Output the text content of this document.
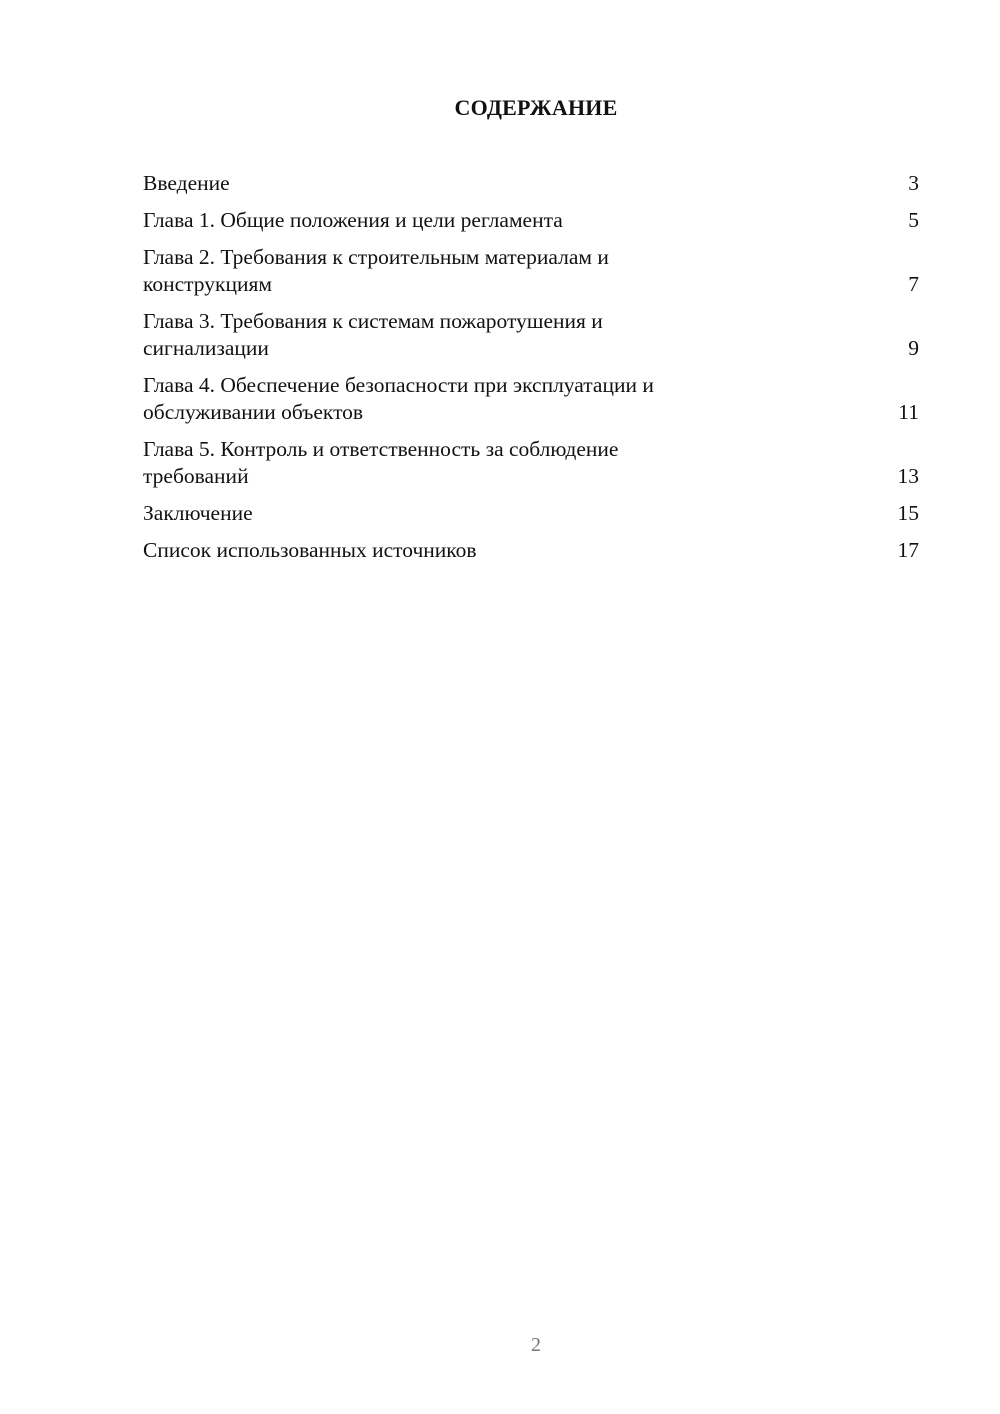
СОДЕРЖАНИЕ
Введение	3
Глава 1. Общие положения и цели регламента	5
Глава 2. Требования к строительным материалам и
конструкциям	7
Глава 3. Требования к системам пожаротушения и
сигнализации	9
Глава 4. Обеспечение безопасности при эксплуатации и
обслуживании объектов	11
Глава 5. Контроль и ответственность за соблюдение
требований	13
Заключение	15
Список использованных источников	17
2
